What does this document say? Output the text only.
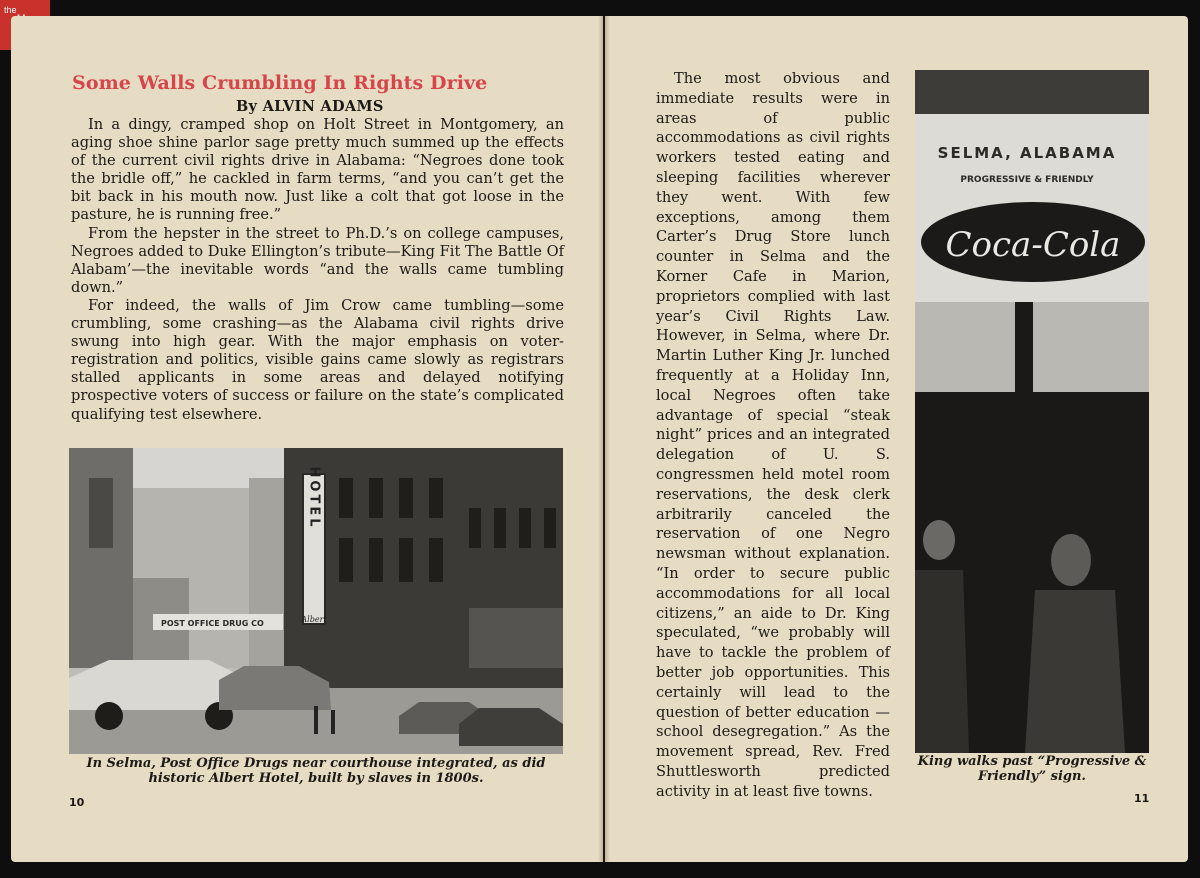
the
Some Walls Crumbling In Rights Drive
By ALVIN ADAMS

In a dingy, cramped shop on Holt Street in Montgomery, an aging shoe shine parlor sage pretty much summed up the effects of the current civil rights drive in Alabama: “Negroes done took the bridle off,” he cackled in farm terms, “and you can’t get the bit back in his mouth now. Just like a colt that got loose in the pasture, he is running free.”

From the hepster in the street to Ph.D.’s on college campuses, Negroes added to Duke Ellington’s tribute—King Fit The Battle Of Alabam’—the inevitable words “and the walls came tumbling down.”

For indeed, the walls of Jim Crow came tumbling—some crumbling, some crashing—as the Alabama civil rights drive swung into high gear. With the major emphasis on voter-registration and politics, visible gains came slowly as registrars stalled applicants in some areas and delayed notifying prospective voters of success or failure on the state’s complicated qualifying test elsewhere.

POST OFFICE DRUG CO
HOTEL
Albert
In Selma, Post Office Drugs near courthouse integrated, as did historic Albert Hotel, built by slaves in 1800s.
10

The most obvious and immediate results were in areas of public accommodations as civil rights workers tested eating and sleeping facilities wherever they went. With few exceptions, among them Carter’s Drug Store lunch counter in Selma and the Korner Cafe in Marion, proprietors complied with last year’s Civil Rights Law. However, in Selma, where Dr. Martin Luther King Jr. lunched frequently at a Holiday Inn, local Negroes often take advantage of special “steak night” prices and an integrated delegation of U. S. congressmen held motel room reservations, the desk clerk arbitrarily canceled the reservation of one Negro newsman without explanation. “In order to secure public accommodations for all local citizens,” an aide to Dr. King speculated, “we probably will have to tackle the problem of better job opportunities. This certainly will lead to the question of better education — school desegregation.” As the movement spread, Rev. Fred Shuttlesworth predicted activity in at least five towns.

SELMA, ALABAMA
PROGRESSIVE & FRIENDLY
Coca-Cola
King walks past “Progressive & Friendly” sign.
11
